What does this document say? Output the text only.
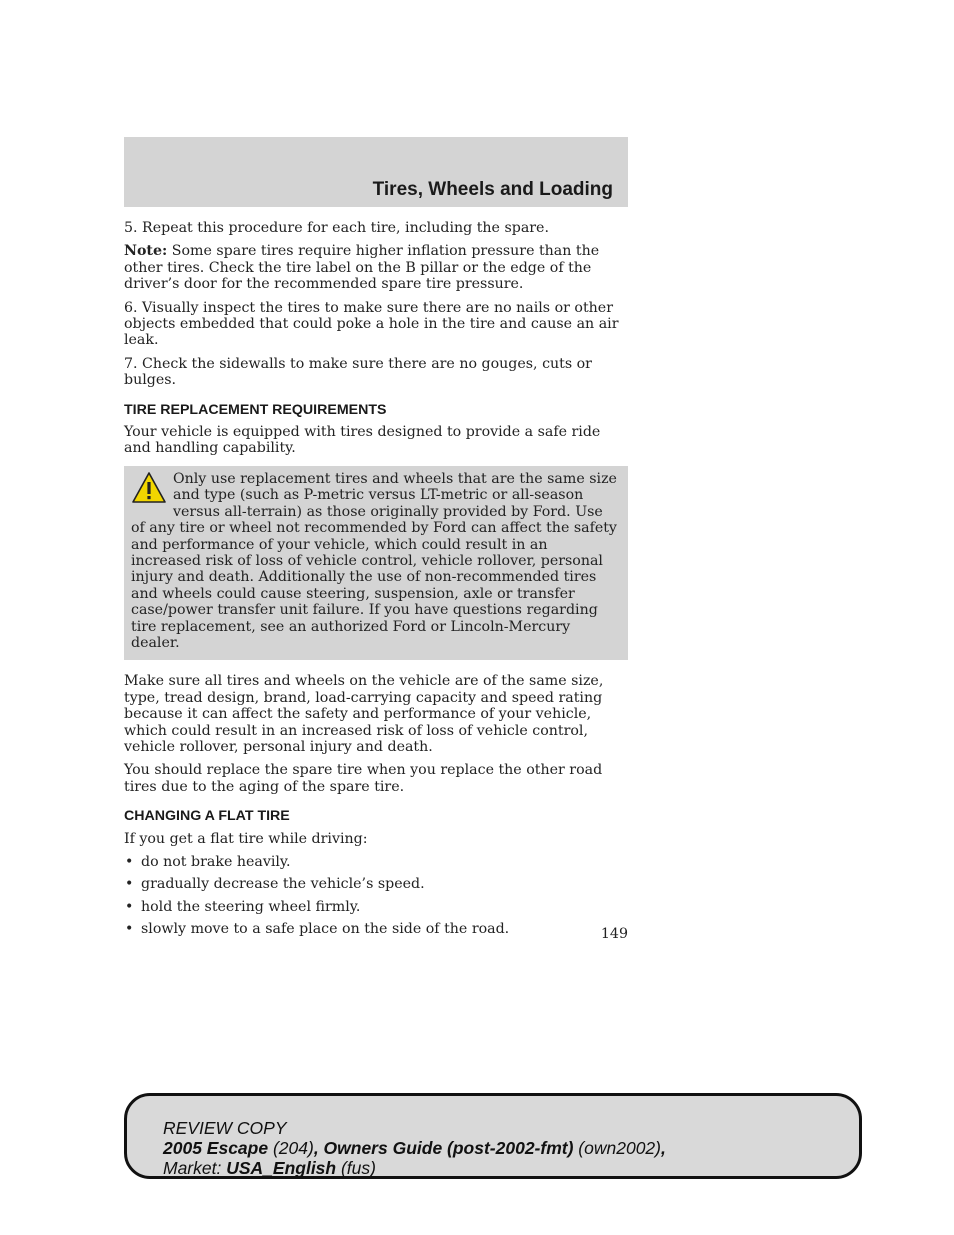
Tires, Wheels and Loading

5. Repeat this procedure for each tire, including the spare.

Note: Some spare tires require higher inflation pressure than the other tires. Check the tire label on the B pillar or the edge of the driver’s door for the recommended spare tire pressure.

6. Visually inspect the tires to make sure there are no nails or other objects embedded that could poke a hole in the tire and cause an air leak.

7. Check the sidewalls to make sure there are no gouges, cuts or bulges.

TIRE REPLACEMENT REQUIREMENTS

Your vehicle is equipped with tires designed to provide a safe ride and handling capability.

Only use replacement tires and wheels that are the same size and type (such as P-metric versus LT-metric or all-season versus all-terrain) as those originally provided by Ford. Use of any tire or wheel not recommended by Ford can affect the safety and performance of your vehicle, which could result in an increased risk of loss of vehicle control, vehicle rollover, personal injury and death. Additionally the use of non-recommended tires and wheels could cause steering, suspension, axle or transfer case/power transfer unit failure. If you have questions regarding tire replacement, see an authorized Ford or Lincoln-Mercury dealer.

Make sure all tires and wheels on the vehicle are of the same size, type, tread design, brand, load-carrying capacity and speed rating because it can affect the safety and performance of your vehicle, which could result in an increased risk of loss of vehicle control, vehicle rollover, personal injury and death.

You should replace the spare tire when you replace the other road tires due to the aging of the spare tire.

CHANGING A FLAT TIRE

If you get a flat tire while driving:

• do not brake heavily.
• gradually decrease the vehicle’s speed.
• hold the steering wheel firmly.
• slowly move to a safe place on the side of the road.	149
REVIEW COPY
2005 Escape (204), Owners Guide (post-2002-fmt) (own2002),
Market: USA_English (fus)
